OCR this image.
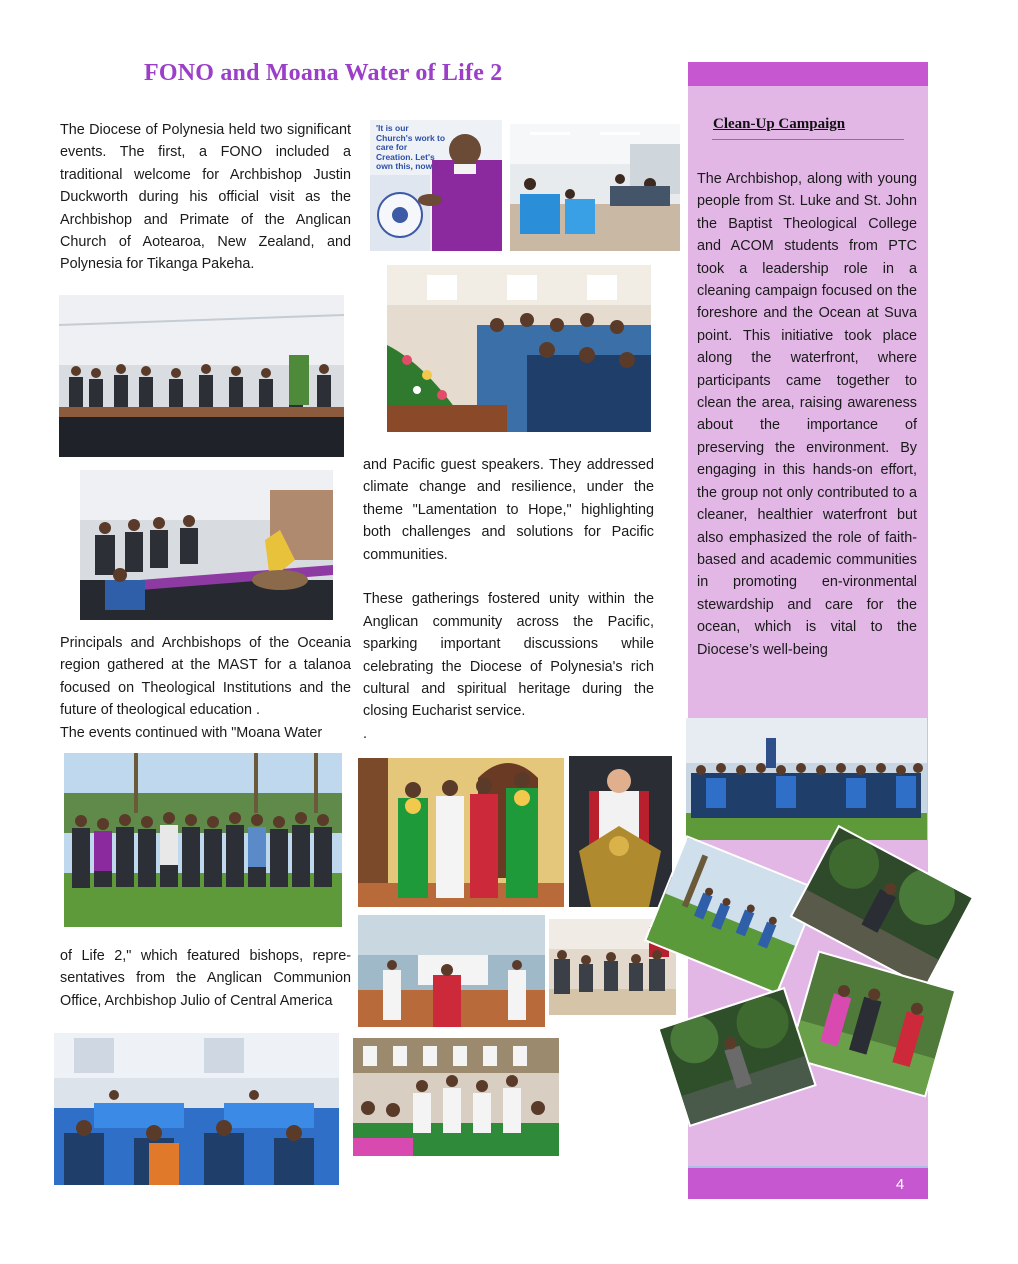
FONO and Moana Water of Life 2

The Diocese of Polynesia held two significant events. The first, a FONO included a traditional welcome for Archbishop Justin Duckworth during his official visit as the Archbishop and Primate of the Anglican Church of Aotearoa, New Zealand, and Polynesia for Tikanga Pakeha.

Principals and Archbishops of the Oceania region gathered at the MAST for a talanoa focused on Theological Institutions and the future of theological education .

The events continued with "Moana Water

of Life 2," which featured bishops, repre-sentatives from the Anglican Communion Office, Archbishop Julio of Central America

and Pacific guest speakers. They addressed climate change and resilience, under the theme "Lamentation to Hope," highlighting both challenges and solutions for Pacific communities.

These gatherings fostered unity within the Anglican community across the Pacific, sparking important discussions while celebrating the Diocese of Polynesia's rich cultural and spiritual heritage during the closing Eucharist service.

.

Clean-Up Campaign
The Archbishop, along with young people from St. Luke and St. John the Baptist Theological College and ACOM students from PTC took a leadership role in a cleaning campaign focused on the foreshore and the Ocean at Suva point. This initiative took place along the waterfront, where participants came together to clean the area, raising awareness about the importance of preserving the environment. By engaging in this hands-on effort, the group not only contributed to a cleaner, healthier waterfront but also emphasized the role of faith-based and academic communities in promoting en-vironmental stewardship and care for the ocean, which is vital to the Diocese’s well-being
4
'It is our Church's work to care for Creation. Let's own this, now.'
